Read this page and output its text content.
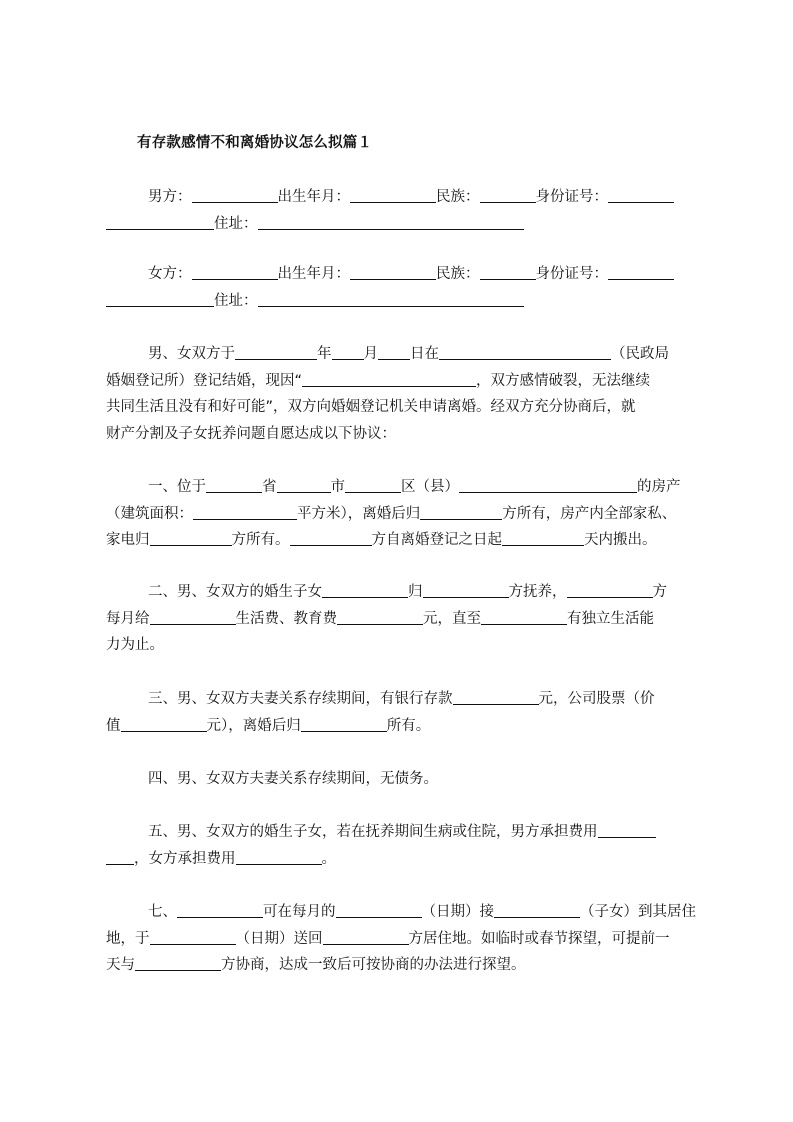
有存款感情不和离婚协议怎么拟篇１
男方：	出生年月：	民族：	身份证号：
住址：
女方：	出生年月：	民族：	身份证号：
住址：
男、女双方于	年 月 日在	（民政局
婚姻登记所）登记结婚，现因“	，双方感情破裂，无法继续
共同生活且没有和好可能”，双方向婚姻登记机关申请离婚。经双方充分协商后，就
财产分割及子女抚养问题自愿达成以下协议：
一、位于	省	市	区（县）	的房产
（建筑面积：	平方米），离婚后归	方所有，房产内全部家私、
家电归	方所有。	方自离婚登记之日起	天内搬出。
二、男、女双方的婚生子女	归	方抚养，	方
每月给	生活费、教育费	元，直至	有独立生活能
力为止。
三、男、女双方夫妻关系存续期间，有银行存款	元，公司股票（价
值	元），离婚后归	所有。
四、男、女双方夫妻关系存续期间，无债务。
五、男、女双方的婚生子女，若在抚养期间生病或住院，男方承担费用
，女方承担费用	。
七、	可在每月的	（日期）接	（子女）到其居住
地，于	（日期）送回	方居住地。如临时或春节探望，可提前一
天与	方协商，达成一致后可按协商的办法进行探望。
